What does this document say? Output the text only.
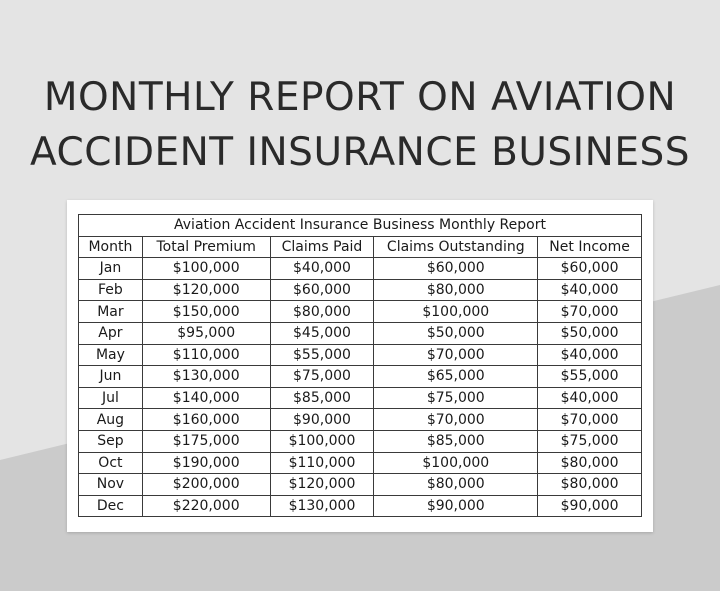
MONTHLY REPORT ON AVIATION
ACCIDENT INSURANCE BUSINESS
Aviation Accident Insurance Business Monthly Report				
Month	Total Premium	Claims Paid	Claims Outstanding	Net Income
Jan	$100,000	$40,000	$60,000	$60,000
Feb	$120,000	$60,000	$80,000	$40,000
Mar	$150,000	$80,000	$100,000	$70,000
Apr	$95,000	$45,000	$50,000	$50,000
May	$110,000	$55,000	$70,000	$40,000
Jun	$130,000	$75,000	$65,000	$55,000
Jul	$140,000	$85,000	$75,000	$40,000
Aug	$160,000	$90,000	$70,000	$70,000
Sep	$175,000	$100,000	$85,000	$75,000
Oct	$190,000	$110,000	$100,000	$80,000
Nov	$200,000	$120,000	$80,000	$80,000
Dec	$220,000	$130,000	$90,000	$90,000
